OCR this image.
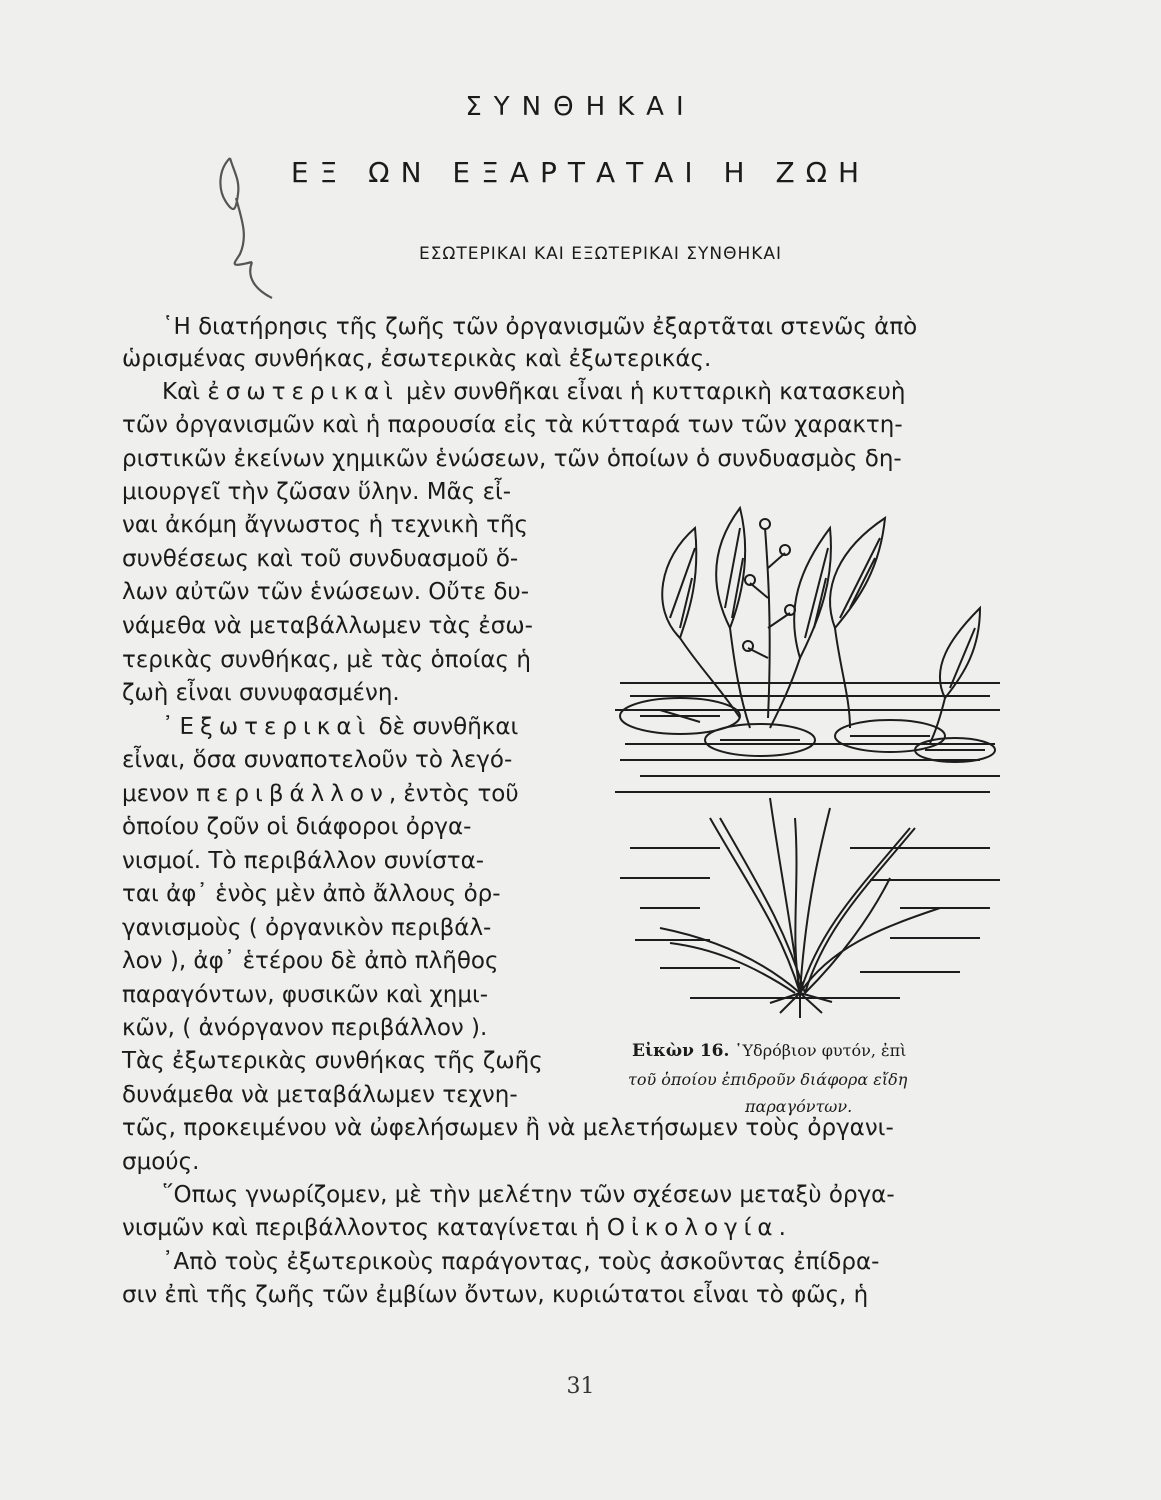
ΣΥΝΘΗΚΑΙ
ΕΞ ΩΝ ΕΞΑΡΤΑΤΑΙ Η ΖΩΗ
ΕΣΩΤΕΡΙΚΑΙ ΚΑΙ ΕΞΩΤΕΡΙΚΑΙ ΣΥΝΘΗΚΑΙ
῾Η διατήρησις τῆς ζωῆς τῶν ὀργανισμῶν ἐξαρτᾶται στενῶς ἀπὸ
ὡρισμένας συνθήκας, ἐσωτερικὰς καὶ ἐξωτερικάς.
Καὶ ἐσωτερικαὶ μὲν συνθῆκαι εἶναι ἡ κυτταρικὴ κατασκευὴ
τῶν ὀργανισμῶν καὶ ἡ παρουσία εἰς τὰ κύτταρά των τῶν χαρακτη-
ριστικῶν ἐκείνων χημικῶν ἑνώσεων, τῶν ὁποίων ὁ συνδυασμὸς δη-
μιουργεῖ τὴν ζῶσαν ὕλην. Μᾶς εἶ-
ναι ἀκόμη ἄγνωστος ἡ τεχνικὴ τῆς
συνθέσεως καὶ τοῦ συνδυασμοῦ ὅ-
λων αὐτῶν τῶν ἑνώσεων. Οὔτε δυ-
νάμεθα νὰ μεταβάλλωμεν τὰς ἐσω-
τερικὰς συνθήκας, μὲ τὰς ὁποίας ἡ
ζωὴ εἶναι συνυφασμένη.
᾿Εξωτερικαὶ δὲ συνθῆκαι
εἶναι, ὅσα συναποτελοῦν τὸ λεγό-
μενον περιβάλλον, ἐντὸς τοῦ
ὁποίου ζοῦν οἱ διάφοροι ὀργα-
νισμοί. Τὸ περιβάλλον συνίστα-
ται ἀφ᾿ ἑνὸς μὲν ἀπὸ ἄλλους ὀρ-
γανισμοὺς ( ὀργανικὸν περιβάλ-
λον ), ἀφ᾿ ἑτέρου δὲ ἀπὸ πλῆθος
παραγόντων, φυσικῶν καὶ χημι-
κῶν, ( ἀνόργανον περιβάλλον ).
Τὰς ἐξωτερικὰς συνθήκας τῆς ζωῆς
δυνάμεθα νὰ μεταβάλωμεν τεχνη-
τῶς, προκειμένου νὰ ὠφελήσωμεν ἢ νὰ μελετήσωμεν τοὺς ὀργανι-
σμούς.
῞Οπως γνωρίζομεν, μὲ τὴν μελέτην τῶν σχέσεων μεταξὺ ὀργα-
νισμῶν καὶ περιβάλλοντος καταγίνεται ἡ Οἰκολογία.
᾿Απὸ τοὺς ἐξωτερικοὺς παράγοντας, τοὺς ἀσκοῦντας ἐπίδρα-
σιν ἐπὶ τῆς ζωῆς τῶν ἐμβίων ὄντων, κυριώτατοι εἶναι τὸ φῶς, ἡ
Εἰκὼν 16. ῾Υδρόβιον φυτόν, ἐπὶ
τοῦ ὁποίου ἐπιδροῦν διάφορα εἴδη
παραγόντων.
31
